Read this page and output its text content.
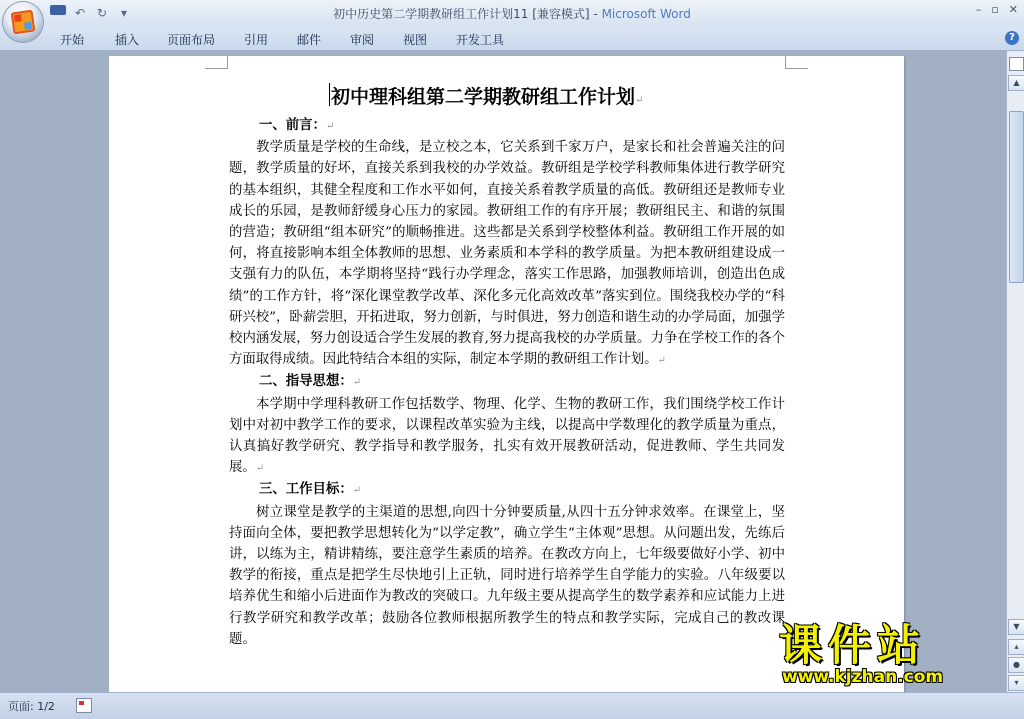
↶ ↻	▾	初中历史第二学期教研组工作计划11 [兼容模式] - Microsoft Word	– ▫ ✕
开始	插入 页面布局 引用 邮件 审阅 视图 开发工具	?
初中理科组第二学期教研组工作计划↵
一、前言：↵

教学质量是学校的生命线，是立校之本，它关系到千家万户，是家长和社会普遍关注的问题，教学质量的好坏，直接关系到我校的办学效益。教研组是学校学科教师集体进行教学研究的基本组织，其健全程度和工作水平如何，直接关系着教学质量的高低。教研组还是教师专业成长的乐园，是教师舒缓身心压力的家园。教研组工作的有序开展；教研组民主、和谐的氛围的营造；教研组“组本研究”的顺畅推进。这些都是关系到学校整体利益。教研组工作开展的如何，将直接影响本组全体教师的思想、业务素质和本学科的教学质量。为把本教研组建设成一支强有力的队伍，本学期将坚持“践行办学理念，落实工作思路，加强教师培训，创造出色成绩”的工作方针，将“深化课堂教学改革、深化多元化高效改革”落实到位。围绕我校办学的“科研兴校”，卧薪尝胆，开拓进取，努力创新，与时俱进，努力创造和谐生动的办学局面，加强学校内涵发展，努力创设适合学生发展的教育,努力提高我校的办学质量。力争在学校工作的各个方面取得成绩。因此特结合本组的实际，制定本学期的教研组工作计划。↵

二、指导思想：↵

本学期中学理科教研工作包括数学、物理、化学、生物的教研工作，我们围绕学校工作计划中对初中教学工作的要求，以课程改革实验为主线，以提高中学数理化的教学质量为重点，认真搞好教学研究、教学指导和教学服务，扎实有效开展教研活动，促进教师、学生共同发展。↵

三、工作目标：↵

树立课堂是教学的主渠道的思想,向四十分钟要质量,从四十五分钟求效率。在课堂上，坚持面向全体，要把教学思想转化为“以学定教”，确立学生“主体观”思想。从问题出发，先练后讲，以练为主，精讲精练，要注意学生素质的培养。在教改方向上，七年级要做好小学、初中教学的衔接，重点是把学生尽快地引上正轨，同时进行培养学生自学能力的实验。八年级要以培养优生和缩小后进面作为教改的突破口。九年级主要从提高学生的数学素养和应试能力上进行教学研究和教学改革；鼓励各位教师根据所教学生的特点和教学实际，完成自己的教改课题。

▲
▼
▴
●
▾
页面: 1/2
课件站
www.kjzhan.com
